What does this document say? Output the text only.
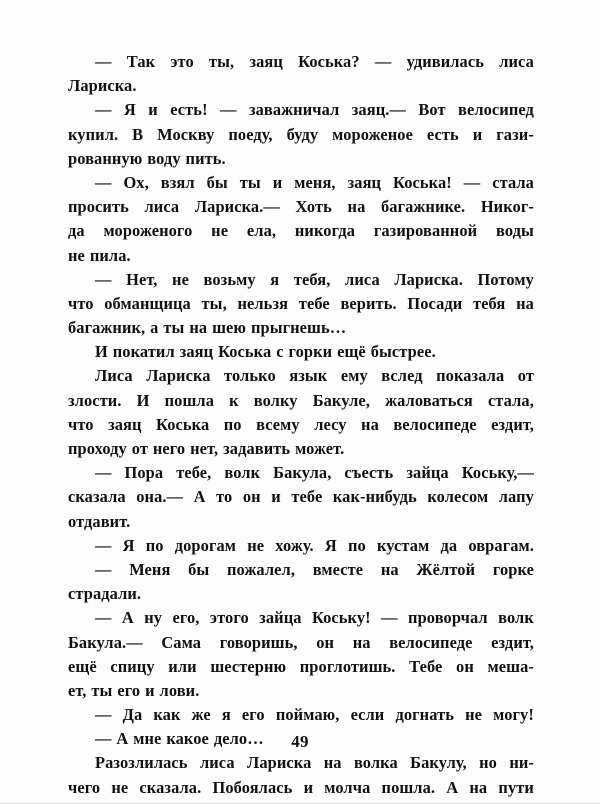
— Так это ты, заяц Коська? — удивилась лиса
Лариска.
— Я и есть! — заважничал заяц.— Вот велосипед
купил. В Москву поеду, буду мороженое есть и гази-
рованную воду пить.
— Ох, взял бы ты и меня, заяц Коська! — стала
просить лиса Лариска.— Хоть на багажнике. Никог-
да мороженого не ела, никогда газированной воды
не пила.
— Нет, не возьму я тебя, лиса Лариска. Потому
что обманщица ты, нельзя тебе верить. Посади тебя на
багажник, а ты на шею прыгнешь…
И покатил заяц Коська с горки ещё быстрее.
Лиса Лариска только язык ему вслед показала от
злости. И пошла к волку Бакуле, жаловаться стала,
что заяц Коська по всему лесу на велосипеде ездит,
проходу от него нет, задавить может.
— Пора тебе, волк Бакула, съесть зайца Коську,—
сказала она.— А то он и тебе как-нибудь колесом лапу
отдавит.
— Я по дорогам не хожу. Я по кустам да оврагам.
— Меня бы пожалел, вместе на Жёлтой горке
страдали.
— А ну его, этого зайца Коську! — проворчал волк
Бакула.— Сама говоришь, он на велосипеде ездит,
ещё спицу или шестерню проглотишь. Тебе он меша-
ет, ты его и лови.
— Да как же я его поймаю, если догнать не могу!
— А мне какое дело…
Разозлилась лиса Лариска на волка Бакулу, но ни-
чего не сказала. Побоялась и молча пошла. А на пути
49
